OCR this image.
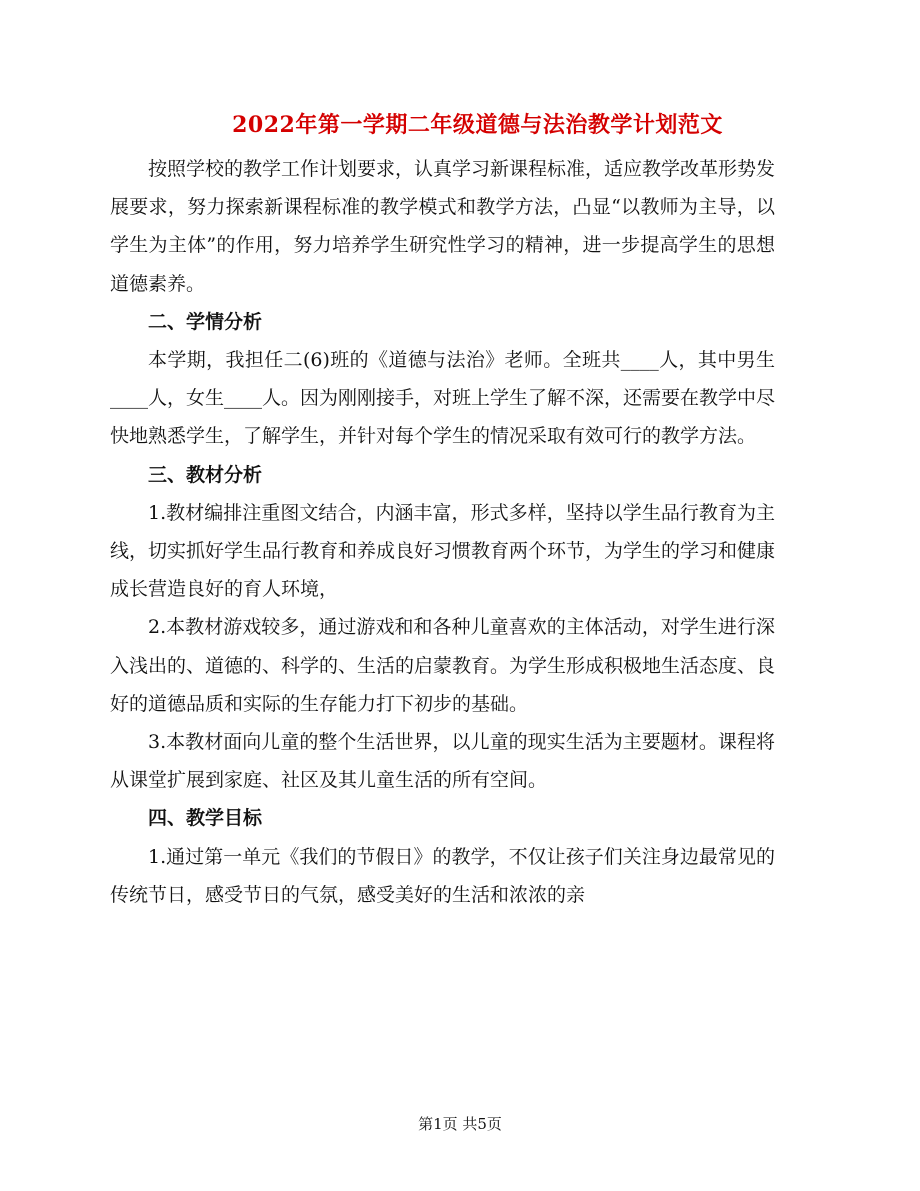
2022年第一学期二年级道德与法治教学计划范文

按照学校的教学工作计划要求，认真学习新课程标准，适应教学改革形势发展要求，努力探索新课程标准的教学模式和教学方法，凸显“以教师为主导，以学生为主体”的作用，努力培养学生研究性学习的精神，进一步提高学生的思想道德素养。

二、学情分析

本学期，我担任二(6)班的《道德与法治》老师。全班共____人，其中男生____人，女生____人。因为刚刚接手，对班上学生了解不深，还需要在教学中尽快地熟悉学生，了解学生，并针对每个学生的情况采取有效可行的教学方法。

三、教材分析

1.教材编排注重图文结合，内涵丰富，形式多样，坚持以学生品行教育为主线，切实抓好学生品行教育和养成良好习惯教育两个环节，为学生的学习和健康成长营造良好的育人环境，

2.本教材游戏较多，通过游戏和和各种儿童喜欢的主体活动，对学生进行深入浅出的、道德的、科学的、生活的启蒙教育。为学生形成积极地生活态度、良好的道德品质和实际的生存能力打下初步的基础。

3.本教材面向儿童的整个生活世界，以儿童的现实生活为主要题材。课程将从课堂扩展到家庭、社区及其儿童生活的所有空间。

四、教学目标

1.通过第一单元《我们的节假日》的教学，不仅让孩子们关注身边最常见的传统节日，感受节日的气氛，感受美好的生活和浓浓的亲

第1页 共5页
